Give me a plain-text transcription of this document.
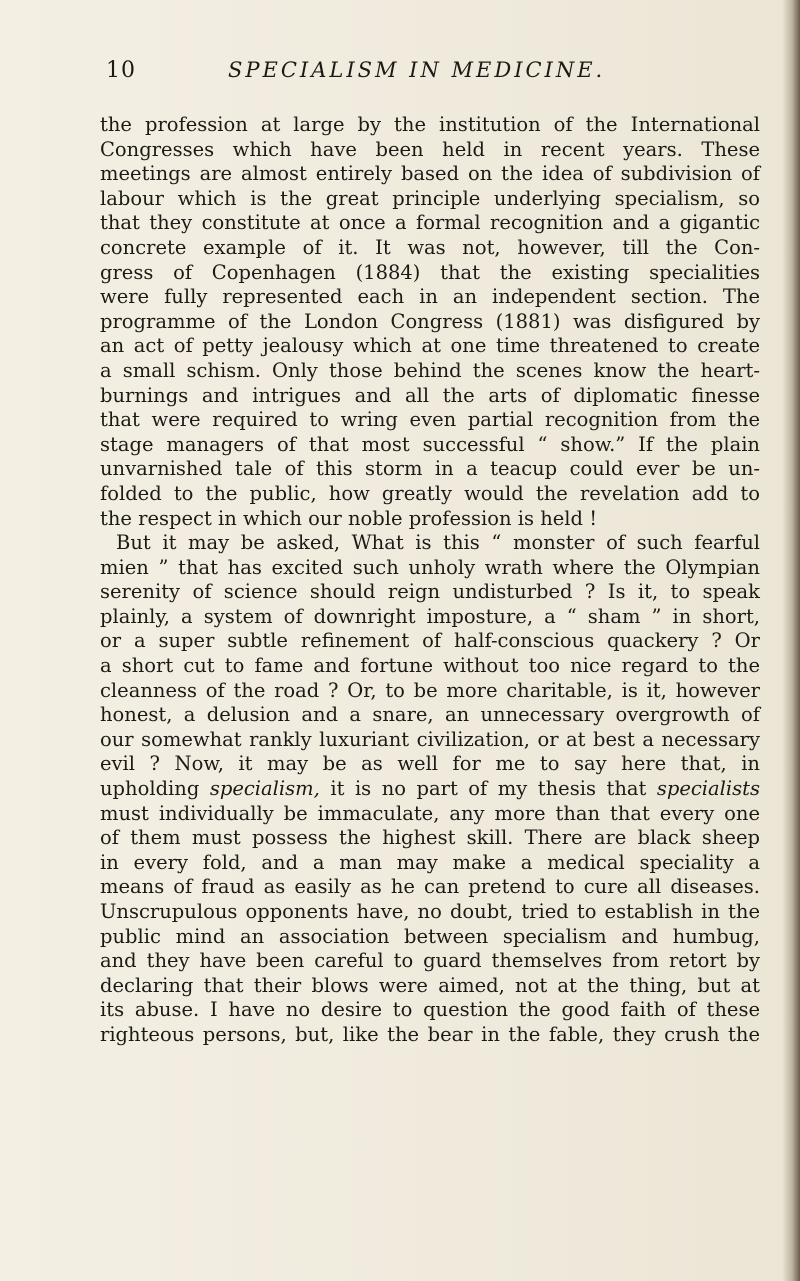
10	SPECIALISM IN MEDICINE.
the profession at large by the institution of the International
Congresses which have been held in recent years. These
meetings are almost entirely based on the idea of subdivision of
labour which is the great principle underlying specialism, so
that they constitute at once a formal recognition and a gigantic
concrete example of it. It was not, however, till the Con-
gress of Copenhagen (1884) that the existing specialities
were fully represented each in an independent section. The
programme of the London Congress (1881) was disfigured by
an act of petty jealousy which at one time threatened to create
a small schism. Only those behind the scenes know the heart-
burnings and intrigues and all the arts of diplomatic finesse
that were required to wring even partial recognition from the
stage managers of that most successful “ show.” If the plain
unvarnished tale of this storm in a teacup could ever be un-
folded to the public, how greatly would the revelation add to
the respect in which our noble profession is held !
But it may be asked, What is this “ monster of such fearful
mien ” that has excited such unholy wrath where the Olympian
serenity of science should reign undisturbed ? Is it, to speak
plainly, a system of downright imposture, a “ sham ” in short,
or a super subtle refinement of half-conscious quackery ? Or
a short cut to fame and fortune without too nice regard to the
cleanness of the road ? Or, to be more charitable, is it, however
honest, a delusion and a snare, an unnecessary overgrowth of
our somewhat rankly luxuriant civilization, or at best a necessary
evil ? Now, it may be as well for me to say here that, in
upholding specialism, it is no part of my thesis that specialists
must individually be immaculate, any more than that every one
of them must possess the highest skill. There are black sheep
in every fold, and a man may make a medical speciality a
means of fraud as easily as he can pretend to cure all diseases.
Unscrupulous opponents have, no doubt, tried to establish in the
public mind an association between specialism and humbug,
and they have been careful to guard themselves from retort by
declaring that their blows were aimed, not at the thing, but at
its abuse. I have no desire to question the good faith of these
righteous persons, but, like the bear in the fable, they crush the
